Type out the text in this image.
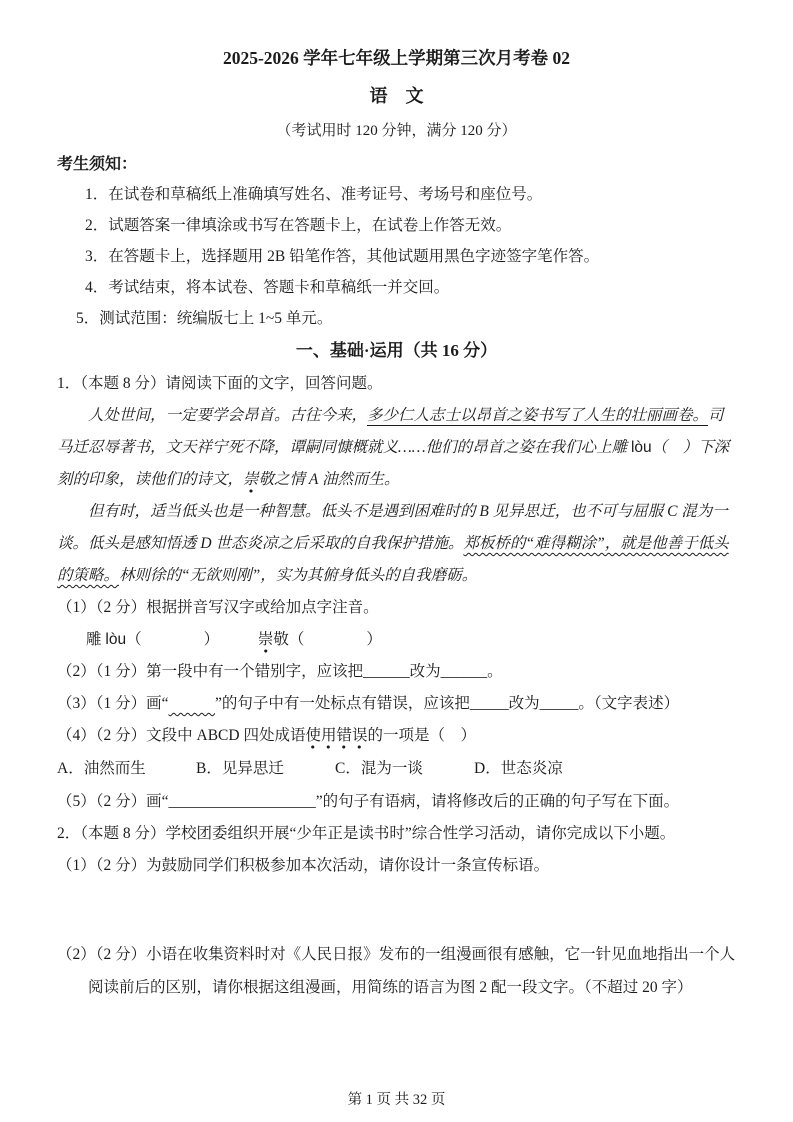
2025-2026 学年七年级上学期第三次月考卷 02
语　文
（考试用时 120 分钟，满分 120 分）
考生须知：
1．在试卷和草稿纸上准确填写姓名、准考证号、考场号和座位号。
2．试题答案一律填涂或书写在答题卡上，在试卷上作答无效。
3．在答题卡上，选择题用 2B 铅笔作答，其他试题用黑色字迹签字笔作答。
4．考试结束，将本试卷、答题卡和草稿纸一并交回。
5．测试范围：统编版七上 1~5 单元。
一、基础·运用（共 16 分）
1．（本题 8 分）请阅读下面的文字，回答问题。

人处世间，一定要学会昂首。古往今来，多少仁人志士以昂首之姿书写了人生的壮丽画卷。司马迁忍辱著书，文天祥宁死不降，谭嗣同慷概就义……他们的昂首之姿在我们心上雕 lòu（　）下深刻的印象，读他们的诗文，崇敬之情 A 油然而生。

但有时，适当低头也是一种智慧。低头不是遇到困难时的 B 见异思迁，也不可与屈服 C 混为一谈。低头是感知悟透 D 世态炎凉之后采取的自我保护措施。郑板桥的“难得糊涂”，就是他善于低头的策略。林则徐的“无欲则刚”，实为其俯身低头的自我磨砺。

（1）（2 分）根据拼音写汉字或给加点字注音。
雕 lòu（　　　　）　　　崇敬（　　　　）
（2）（1 分）第一段中有一个错别字，应该把______改为______。
（3）（1 分）画“	”的句子中有一处标点有错误，应该把_____改为_____。（文字表述）
（4）（2 分）文段中 ABCD 四处成语使用错误的一项是（　）
A．油然而生	B．见异思迁	C．混为一谈	D．世态炎凉
（5）（2 分）画“___________________”的句子有语病，请将修改后的正确的句子写在下面。
2．（本题 8 分）学校团委组织开展“少年正是读书时”综合性学习活动，请你完成以下小题。
（1）（2 分）为鼓励同学们积极参加本次活动，请你设计一条宣传标语。
（2）（2 分）小语在收集资料时对《人民日报》发布的一组漫画很有感触，它一针见血地指出一个人阅读前后的区别，请你根据这组漫画，用简练的语言为图 2 配一段文字。（不超过 20 字）
第 1 页 共 32 页
